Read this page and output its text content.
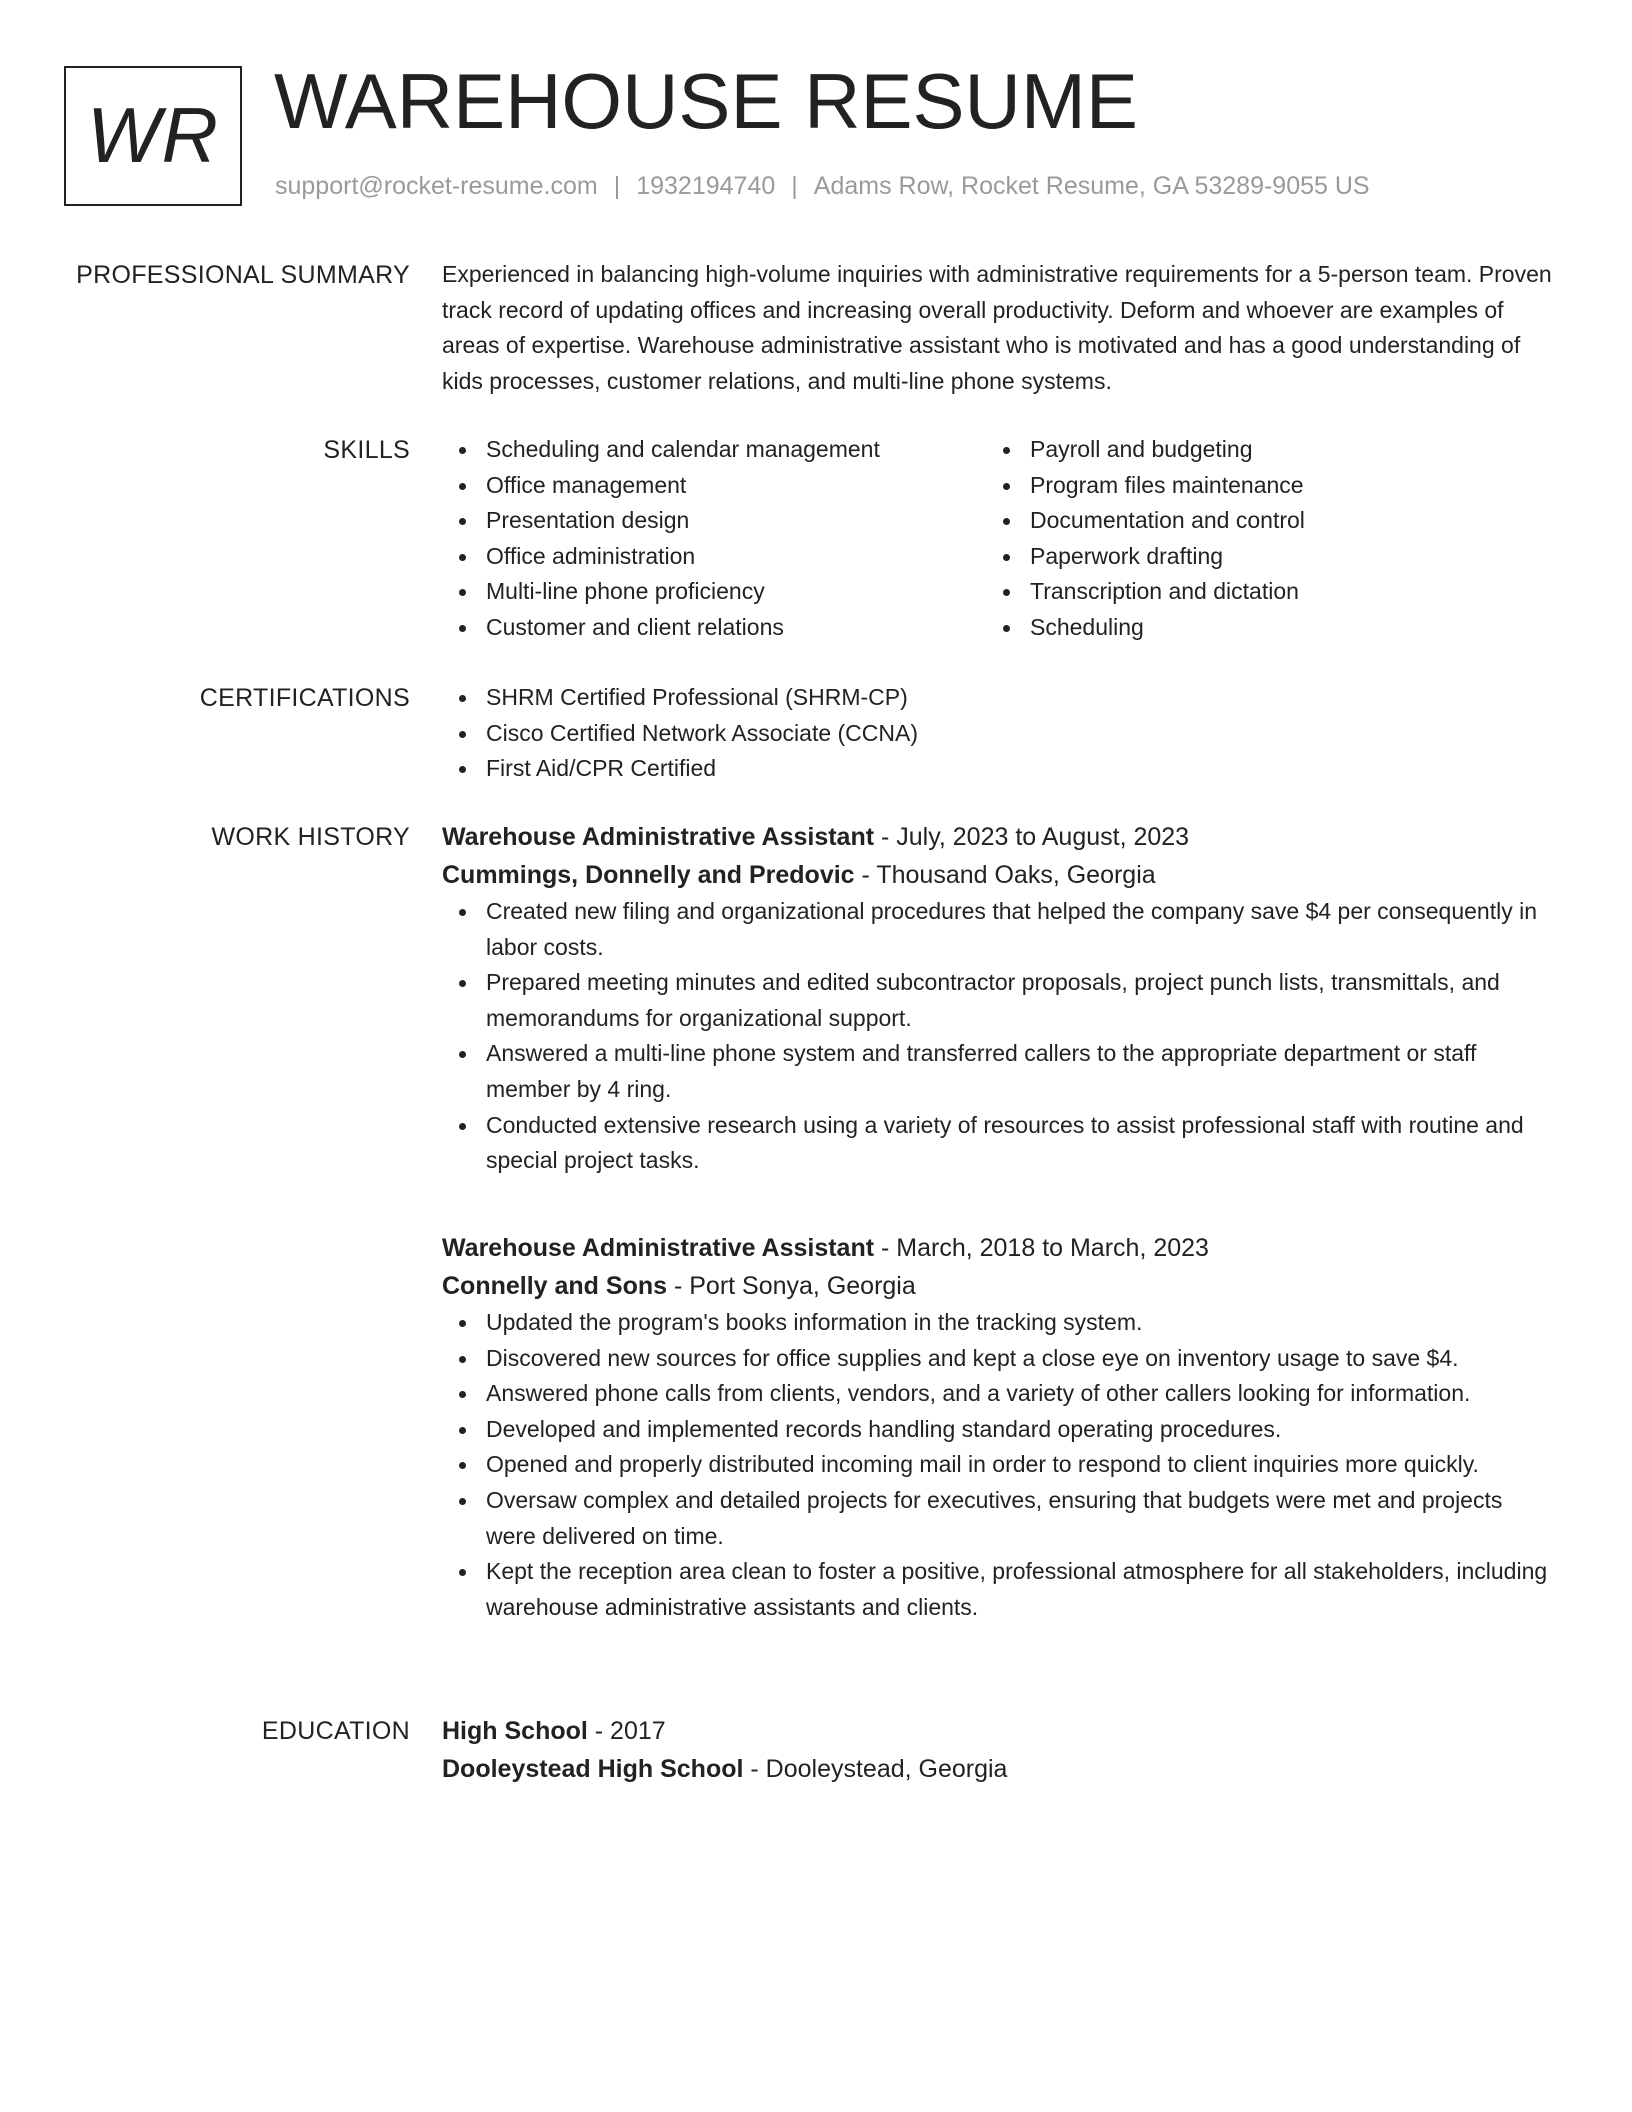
WR WAREHOUSE RESUME
support@rocket-resume.com | 1932194740 | Adams Row, Rocket Resume, GA 53289-9055 US
PROFESSIONAL SUMMARY Experienced in balancing high-volume inquiries with administrative requirements for a 5-person team. Proven track record of updating offices and increasing overall productivity. Deform and whoever are examples of areas of expertise. Warehouse administrative assistant who is motivated and has a good understanding of kids processes, customer relations, and multi-line phone systems.

SKILLS	Scheduling and calendar management
Office management
Presentation design
Office administration
Multi-line phone proficiency
Customer and client relations
Payroll and budgeting
Program files maintenance
Documentation and control
Paperwork drafting
Transcription and dictation
Scheduling
CERTIFICATIONS	SHRM Certified Professional (SHRM-CP)
Cisco Certified Network Associate (CCNA)
First Aid/CPR Certified
WORK HISTORY Warehouse Administrative Assistant - July, 2023 to August, 2023
Cummings, Donnelly and Predovic - Thousand Oaks, Georgia
Created new filing and organizational procedures that helped the company save $4 per consequently in labor costs.
Prepared meeting minutes and edited subcontractor proposals, project punch lists, transmittals, and memorandums for organizational support.
Answered a multi-line phone system and transferred callers to the appropriate department or staff member by 4 ring.
Conducted extensive research using a variety of resources to assist professional staff with routine and special project tasks.
Warehouse Administrative Assistant - March, 2018 to March, 2023
Connelly and Sons - Port Sonya, Georgia
Updated the program's books information in the tracking system.
Discovered new sources for office supplies and kept a close eye on inventory usage to save $4.
Answered phone calls from clients, vendors, and a variety of other callers looking for information.
Developed and implemented records handling standard operating procedures.
Opened and properly distributed incoming mail in order to respond to client inquiries more quickly.
Oversaw complex and detailed projects for executives, ensuring that budgets were met and projects were delivered on time.
Kept the reception area clean to foster a positive, professional atmosphere for all stakeholders, including warehouse administrative assistants and clients.
EDUCATION High School - 2017
Dooleystead High School - Dooleystead, Georgia
